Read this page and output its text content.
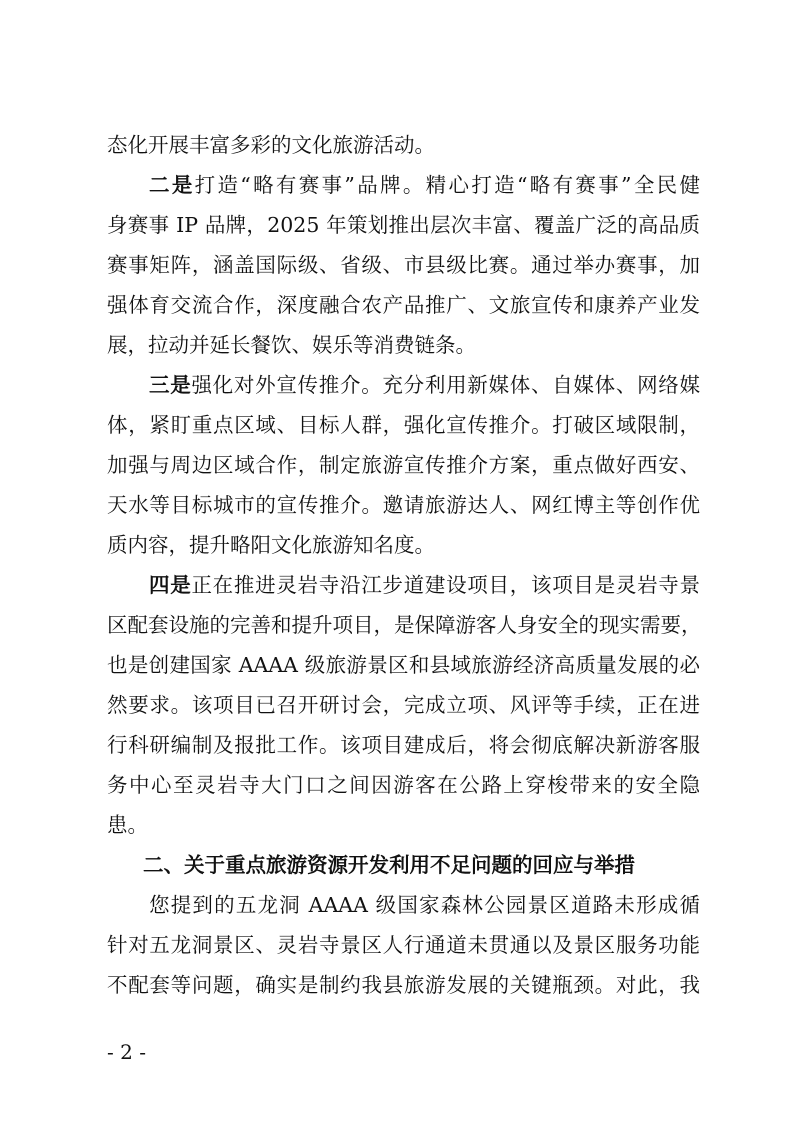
态化开展丰富多彩的文化旅游活动。
二是打造“略有赛事”品牌。精心打造“略有赛事”全民健
身赛事 IP 品牌，2025 年策划推出层次丰富、覆盖广泛的高品质
赛事矩阵，涵盖国际级、省级、市县级比赛。通过举办赛事，加
强体育交流合作，深度融合农产品推广、文旅宣传和康养产业发
展，拉动并延长餐饮、娱乐等消费链条。
三是强化对外宣传推介。充分利用新媒体、自媒体、网络媒
体，紧盯重点区域、目标人群，强化宣传推介。打破区域限制，
加强与周边区域合作，制定旅游宣传推介方案，重点做好西安、
天水等目标城市的宣传推介。邀请旅游达人、网红博主等创作优
质内容，提升略阳文化旅游知名度。
四是正在推进灵岩寺沿江步道建设项目，该项目是灵岩寺景
区配套设施的完善和提升项目，是保障游客人身安全的现实需要，
也是创建国家 AAAA 级旅游景区和县域旅游经济高质量发展的必
然要求。该项目已召开研讨会，完成立项、风评等手续，正在进
行科研编制及报批工作。该项目建成后，将会彻底解决新游客服
务中心至灵岩寺大门口之间因游客在公路上穿梭带来的安全隐
患。
二、关于重点旅游资源开发利用不足问题的回应与举措
您提到的五龙洞 AAAA 级国家森林公园景区道路未形成循
针对五龙洞景区、灵岩寺景区人行通道未贯通以及景区服务功能
不配套等问题，确实是制约我县旅游发展的关键瓶颈。对此，我
- 2 -
